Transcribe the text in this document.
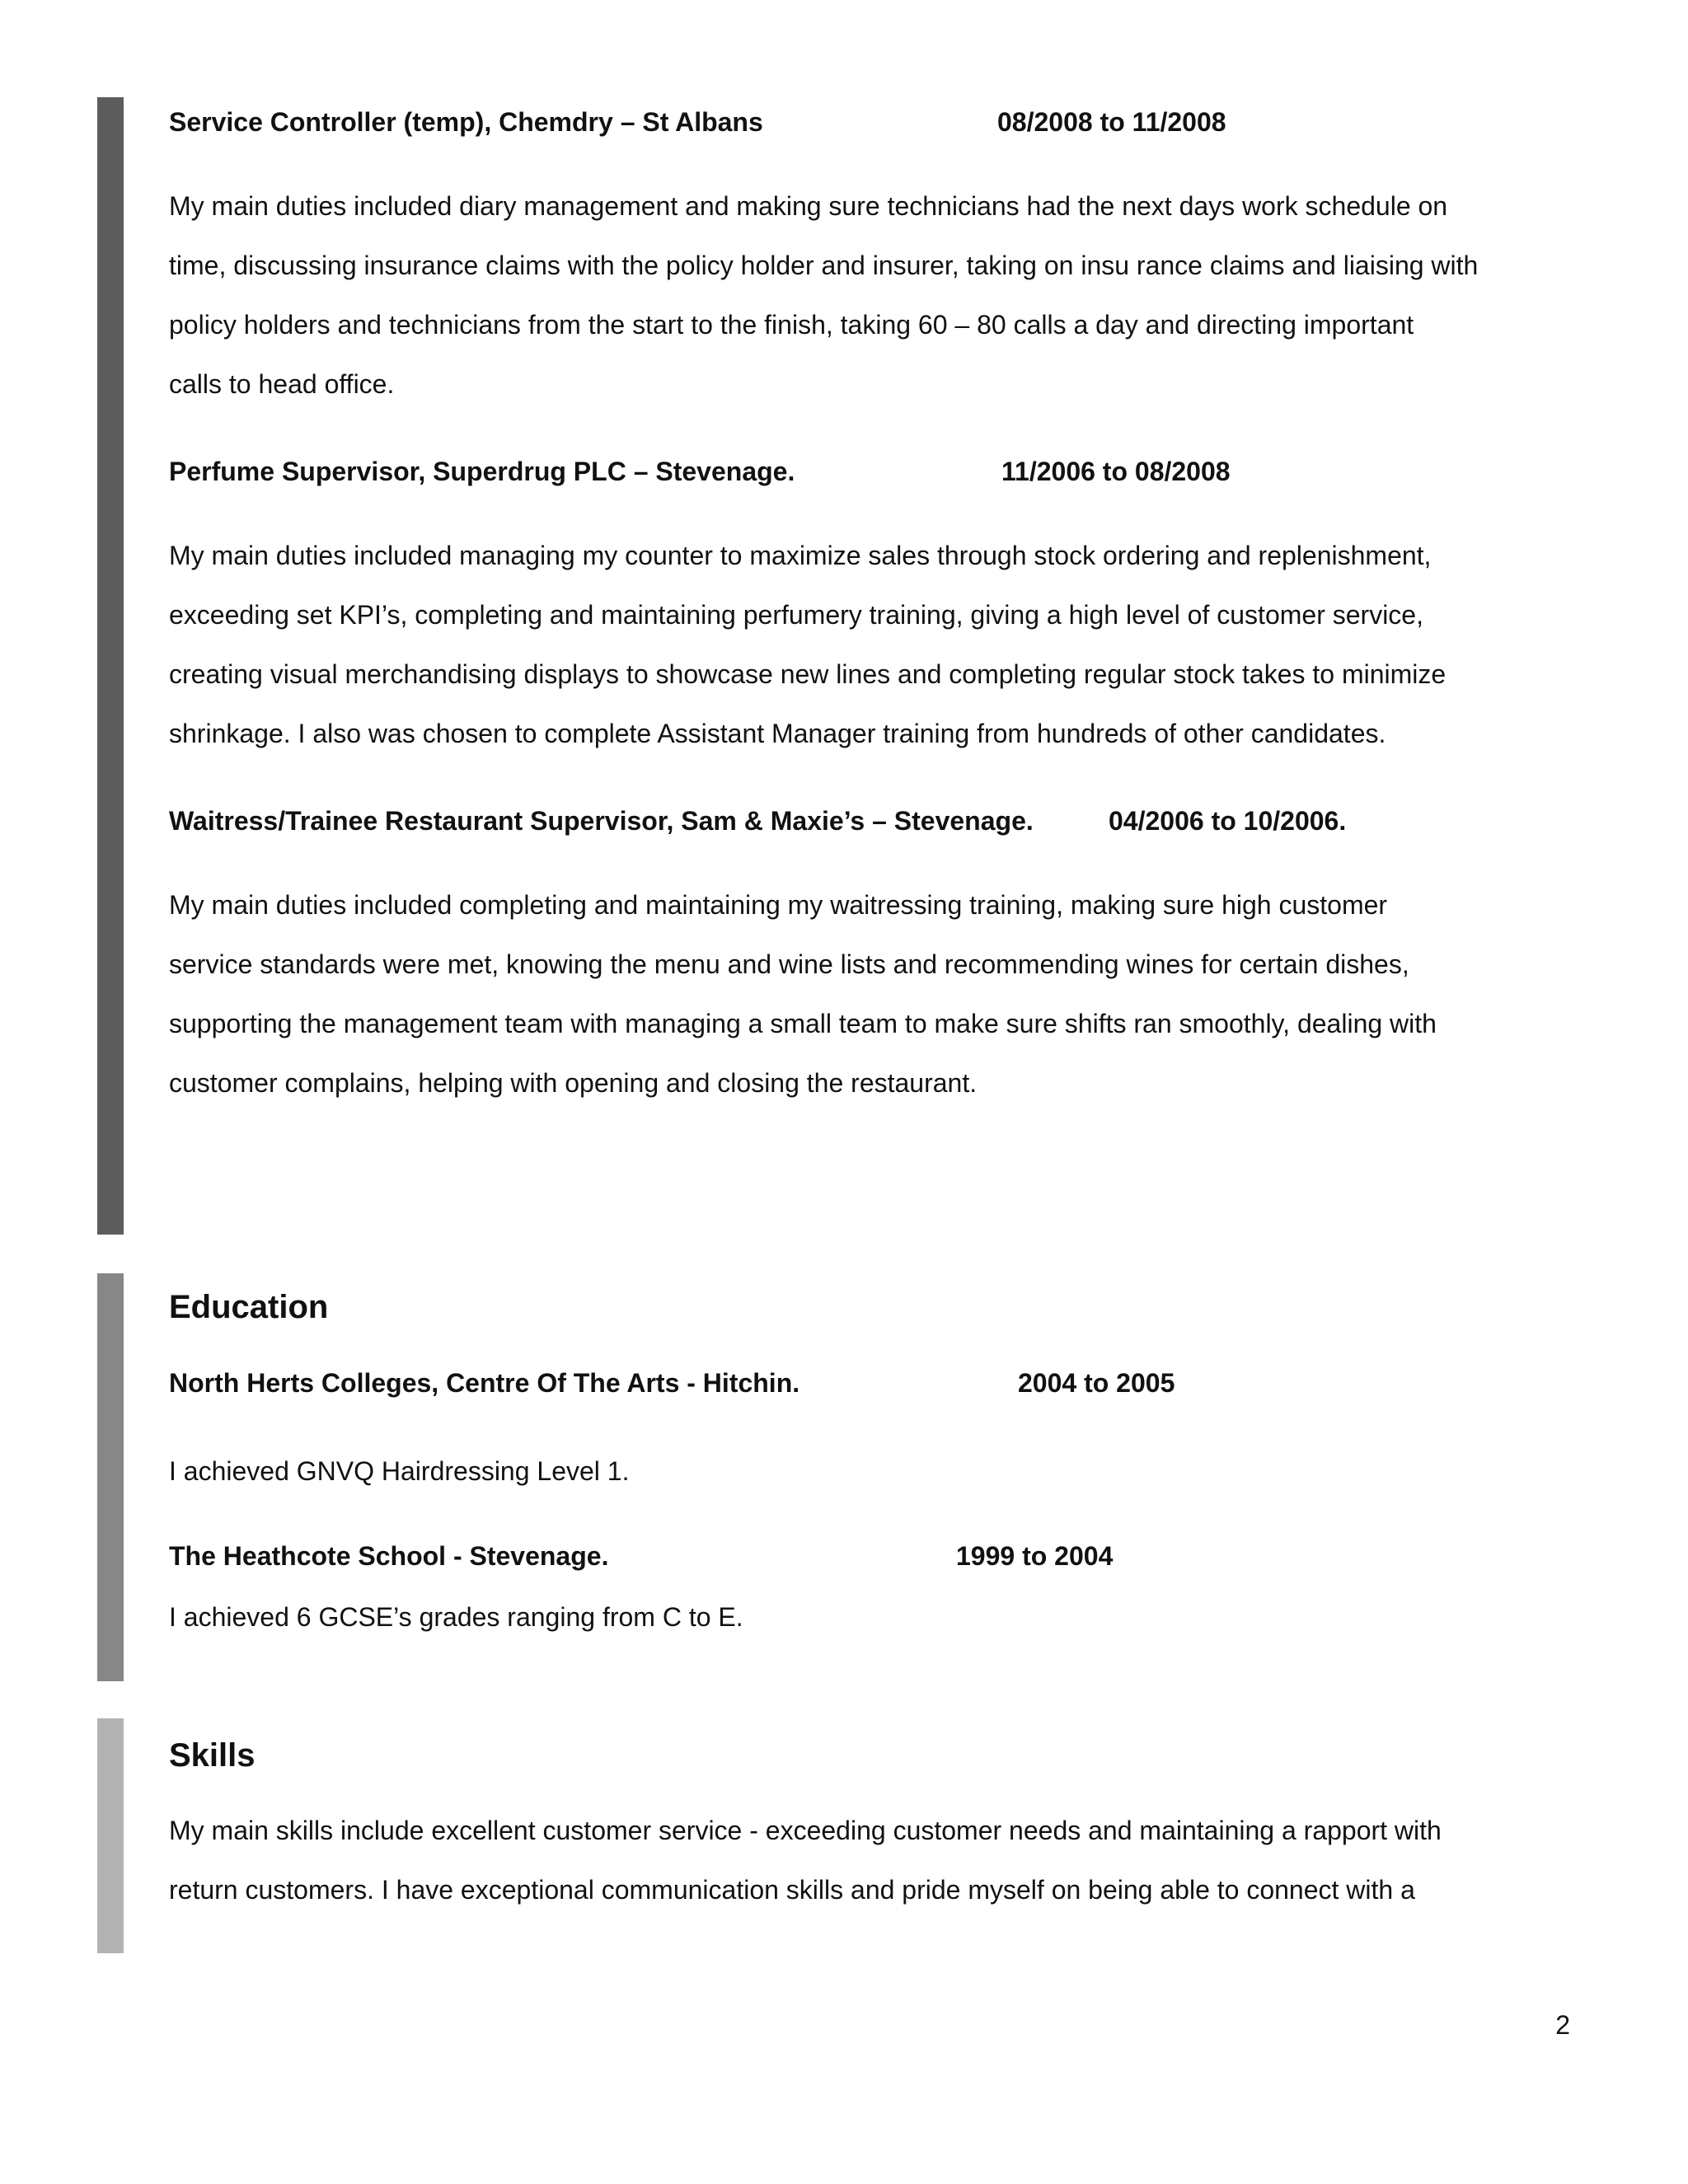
Service Controller (temp), Chemdry – St Albans	08/2008 to 11/2008
My main duties included diary management and making sure technicians had the next days work schedule on
time, discussing insurance claims with the policy holder and insurer, taking on insu rance claims and liaising with
policy holders and technicians from the start to the finish, taking 60 – 80 calls a day and directing important
calls to head office.
Perfume Supervisor, Superdrug PLC – Stevenage.	11/2006 to 08/2008
My main duties included managing my counter to maximize sales through stock ordering and replenishment,
exceeding set KPI’s, completing and maintaining perfumery training, giving a high level of customer service,
creating visual merchandising displays to showcase new lines and completing regular stock takes to minimize
shrinkage. I also was chosen to complete Assistant Manager training from hundreds of other candidates.
Waitress/Trainee Restaurant Supervisor, Sam & Maxie’s – Stevenage.	04/2006 to 10/2006.
My main duties included completing and maintaining my waitressing training, making sure high customer
service standards were met, knowing the menu and wine lists and recommending wines for certain dishes,
supporting the management team with managing a small team to make sure shifts ran smoothly, dealing with
customer complains, helping with opening and closing the restaurant.
Education
North Herts Colleges, Centre Of The Arts - Hitchin.	2004 to 2005
I achieved GNVQ Hairdressing Level 1.
The Heathcote School - Stevenage.	1999 to 2004
I achieved 6 GCSE’s grades ranging from C to E.
Skills
My main skills include excellent customer service - exceeding customer needs and maintaining a rapport with
return customers. I have exceptional communication skills and pride myself on being able to connect with a
2
